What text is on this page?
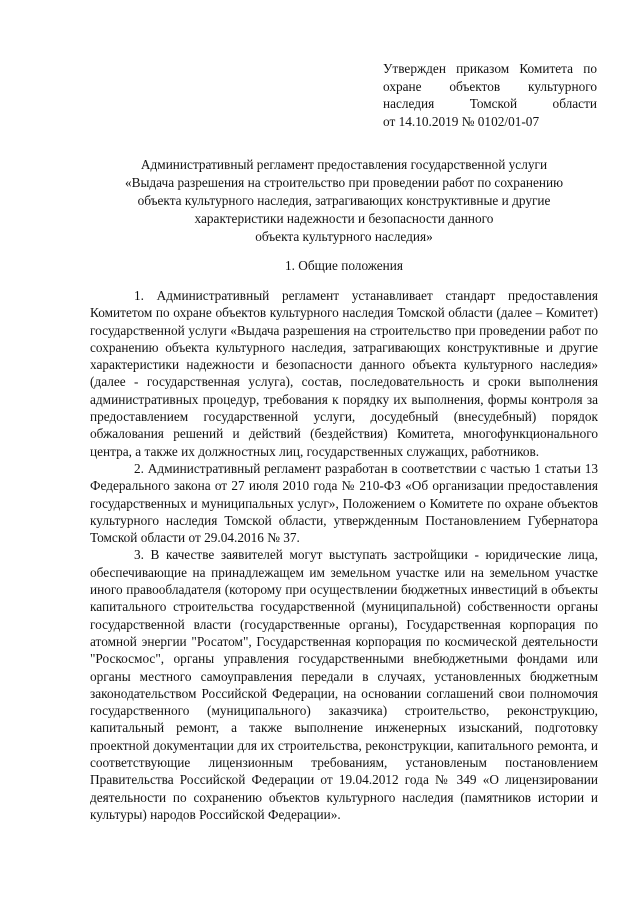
Утвержден приказом Комитета по
охране объектов культурного
наследия Томской области
от 14.10.2019 № 0102/01-07
Административный регламент предоставления государственной услуги
«Выдача разрешения на строительство при проведении работ по сохранению
объекта культурного наследия, затрагивающих конструктивные и другие
характеристики надежности и безопасности данного
объекта культурного наследия»
1. Общие положения

1. Административный регламент устанавливает стандарт предоставления Комитетом по охране объектов культурного наследия Томской области (далее – Комитет) государственной услуги «Выдача разрешения на строительство при проведении работ по сохранению объекта культурного наследия, затрагивающих конструктивные и другие характеристики надежности и безопасности данного объекта культурного наследия» (далее - государственная услуга), состав, последовательность и сроки выполнения административных процедур, требования к порядку их выполнения, формы контроля за предоставлением государственной услуги, досудебный (внесудебный) порядок обжалования решений и действий (бездействия) Комитета, многофункционального центра, а также их должностных лиц, государственных служащих, работников.

2. Административный регламент разработан в соответствии с частью 1 статьи 13 Федерального закона от 27 июля 2010 года № 210-ФЗ «Об организации предоставления государственных и муниципальных услуг», Положением о Комитете по охране объектов культурного наследия Томской области, утвержденным Постановлением Губернатора Томской области от 29.04.2016 № 37.

3. В качестве заявителей могут выступать застройщики - юридические лица, обеспечивающие на принадлежащем им земельном участке или на земельном участке иного правообладателя (которому при осуществлении бюджетных инвестиций в объекты капитального строительства государственной (муниципальной) собственности органы государственной власти (государственные органы), Государственная корпорация по атомной энергии "Росатом", Государственная корпорация по космической деятельности "Роскосмос", органы управления государственными внебюджетными фондами или органы местного самоуправления передали в случаях, установленных бюджетным законодательством Российской Федерации, на основании соглашений свои полномочия государственного (муниципального) заказчика) строительство, реконструкцию, капитальный ремонт, а также выполнение инженерных изысканий, подготовку проектной документации для их строительства, реконструкции, капитального ремонта, и соответствующие лицензионным требованиям, установленым постановлением Правительства Российской Федерации от 19.04.2012 года № 349 «О лицензировании деятельности по сохранению объектов культурного наследия (памятников истории и культуры) народов Российской Федерации».
